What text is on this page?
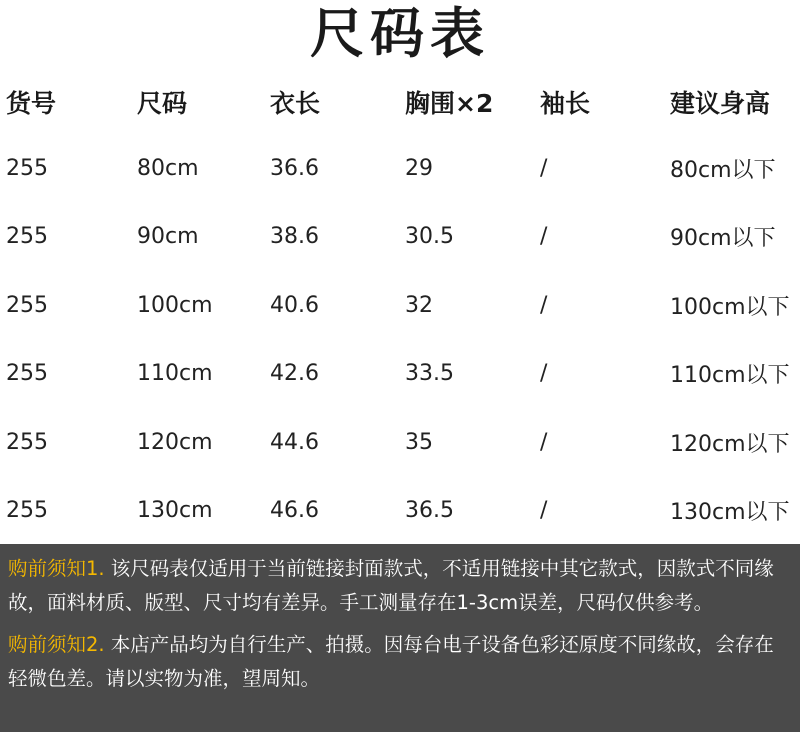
尺码表
货号	尺码	衣长	胸围×2	袖长	建议身高
255	80cm	36.6	29	/	80cm以下
255	90cm	38.6	30.5	/	90cm以下
255	100cm	40.6	32	/	100cm以下
255	110cm	42.6	33.5	/	110cm以下
255	120cm	44.6	35	/	120cm以下
255	130cm	46.6	36.5	/	130cm以下

购前须知1. 该尺码表仅适用于当前链接封面款式，不适用链接中其它款式，因款式不同缘故，面料材质、版型、尺寸均有差异。手工测量存在1-3cm误差，尺码仅供参考。

购前须知2. 本店产品均为自行生产、拍摄。因每台电子设备色彩还原度不同缘故，会存在轻微色差。请以实物为准，望周知。
